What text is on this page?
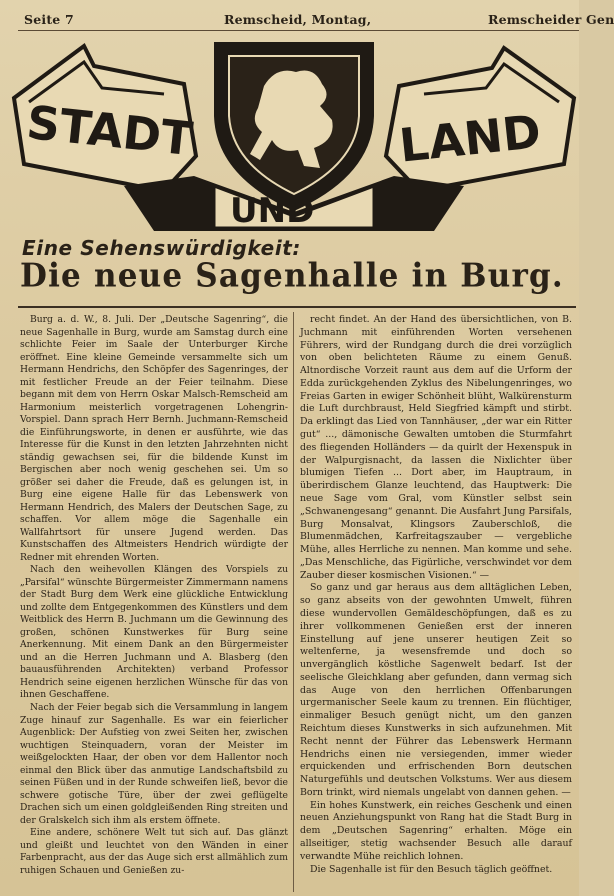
Seite 7	Remscheid, Montag,	Remscheider Gen
STADT	LAND
UND
Eine Sehenswürdigkeit:
Die neue Sagenhalle in Burg.

Burg a. d. W., 8. Juli. Der „Deutsche Sagenring“, die neue Sagenhalle in Burg, wurde am Samstag durch eine schlichte Feier im Saale der Unterburger Kirche eröffnet. Eine kleine Gemeinde versammelte sich um Hermann Hendrichs, den Schöpfer des Sagenringes, der mit festlicher Freude an der Feier teilnahm. Diese begann mit dem von Herrn Oskar Malsch-Remscheid am Harmonium meisterlich vorgetragenen Lohengrin-Vorspiel. Dann sprach Herr Bernh. Juchmann-Remscheid die Einführungsworte, in denen er ausführte, wie das Interesse für die Kunst in den letzten Jahrzehnten nicht ständig gewachsen sei, für die bildende Kunst im Bergischen aber noch wenig geschehen sei. Um so größer sei daher die Freude, daß es gelungen ist, in Burg eine eigene Halle für das Lebenswerk von Hermann Hendrich, des Malers der Deutschen Sage, zu schaffen. Vor allem möge die Sagenhalle ein Wallfahrtsort für unsere Jugend werden. Das Kunstschaffen des Altmeisters Hendrich würdigte der Redner mit ehrenden Worten.

Nach den weihevollen Klängen des Vorspiels zu „Parsifal“ wünschte Bürgermeister Zimmermann namens der Stadt Burg dem Werk eine glückliche Entwicklung und zollte dem Entgegenkommen des Künstlers und dem Weitblick des Herrn B. Juchmann um die Gewinnung des großen, schönen Kunstwerkes für Burg seine Anerkennung. Mit einem Dank an den Bürgermeister und an die Herren Juchmann und A. Blasberg (den bauausführenden Architekten) verband Professor Hendrich seine eigenen herzlichen Wünsche für das von ihnen Geschaffene.

Nach der Feier begab sich die Versammlung in langem Zuge hinauf zur Sagenhalle. Es war ein feierlicher Augenblick: Der Aufstieg von zwei Seiten her, zwischen wuchtigen Steinquadern, voran der Meister im weißgelockten Haar, der oben vor dem Hallentor noch einmal den Blick über das anmutige Landschaftsbild zu seinen Füßen und in der Runde schweifen ließ, bevor die schwere gotische Türe, über der zwei geflügelte Drachen sich um einen goldgleißenden Ring streiten und der Gralskelch sich ihm als erstem öffnete.

Eine andere, schönere Welt tut sich auf. Das glänzt und gleißt und leuchtet von den Wänden in einer Farbenpracht, aus der das Auge sich erst allmählich zum ruhigen Schauen und Genießen zu-

recht findet. An der Hand des übersichtlichen, von B. Juchmann mit einführenden Worten versehenen Führers, wird der Rundgang durch die drei vorzüglich von oben belichteten Räume zu einem Genuß. Altnordische Vorzeit raunt aus dem auf die Urform der Edda zurückgehenden Zyklus des Nibelungenringes, wo Freias Garten in ewiger Schönheit blüht, Walkürensturm die Luft durchbraust, Held Siegfried kämpft und stirbt. Da erklingt das Lied von Tannhäuser, „der war ein Ritter gut“ ..., dämonische Gewalten umtoben die Sturmfahrt des fliegenden Holländers — da quirlt der Hexenspuk in der Walpurgisnacht, da lassen die Nixlichter über blumigen Tiefen ... Dort aber, im Hauptraum, in überirdischem Glanze leuchtend, das Hauptwerk: Die neue Sage vom Gral, vom Künstler selbst sein „Schwanengesang“ genannt. Die Ausfahrt Jung Parsifals, Burg Monsalvat, Klingsors Zauberschloß, die Blumenmädchen, Karfreitagszauber — vergebliche Mühe, alles Herrliche zu nennen. Man komme und sehe. „Das Menschliche, das Figürliche, verschwindet vor dem Zauber dieser kosmischen Visionen.“ —

So ganz und gar heraus aus dem alltäglichen Leben, so ganz abseits von der gewohnten Umwelt, führen diese wundervollen Gemäldeschöpfungen, daß es zu ihrer vollkommenen Genießen erst der inneren Einstellung auf jene unserer heutigen Zeit so weltenferne, ja wesensfremde und doch so unvergänglich köstliche Sagenwelt bedarf. Ist der seelische Gleichklang aber gefunden, dann vermag sich das Auge von den herrlichen Offenbarungen urgermanischer Seele kaum zu trennen. Ein flüchtiger, einmaliger Besuch genügt nicht, um den ganzen Reichtum dieses Kunstwerks in sich aufzunehmen. Mit Recht nennt der Führer das Lebenswerk Hermann Hendrichs einen nie versiegenden, immer wieder erquickenden und erfrischenden Born deutschen Naturgefühls und deutschen Volkstums. Wer aus diesem Born trinkt, wird niemals ungelabt von dannen gehen. —

Ein hohes Kunstwerk, ein reiches Geschenk und einen neuen Anziehungspunkt von Rang hat die Stadt Burg in dem „Deutschen Sagenring“ erhalten. Möge ein allseitiger, stetig wachsender Besuch alle darauf verwandte Mühe reichlich lohnen.

Die Sagenhalle ist für den Besuch täglich geöffnet.
